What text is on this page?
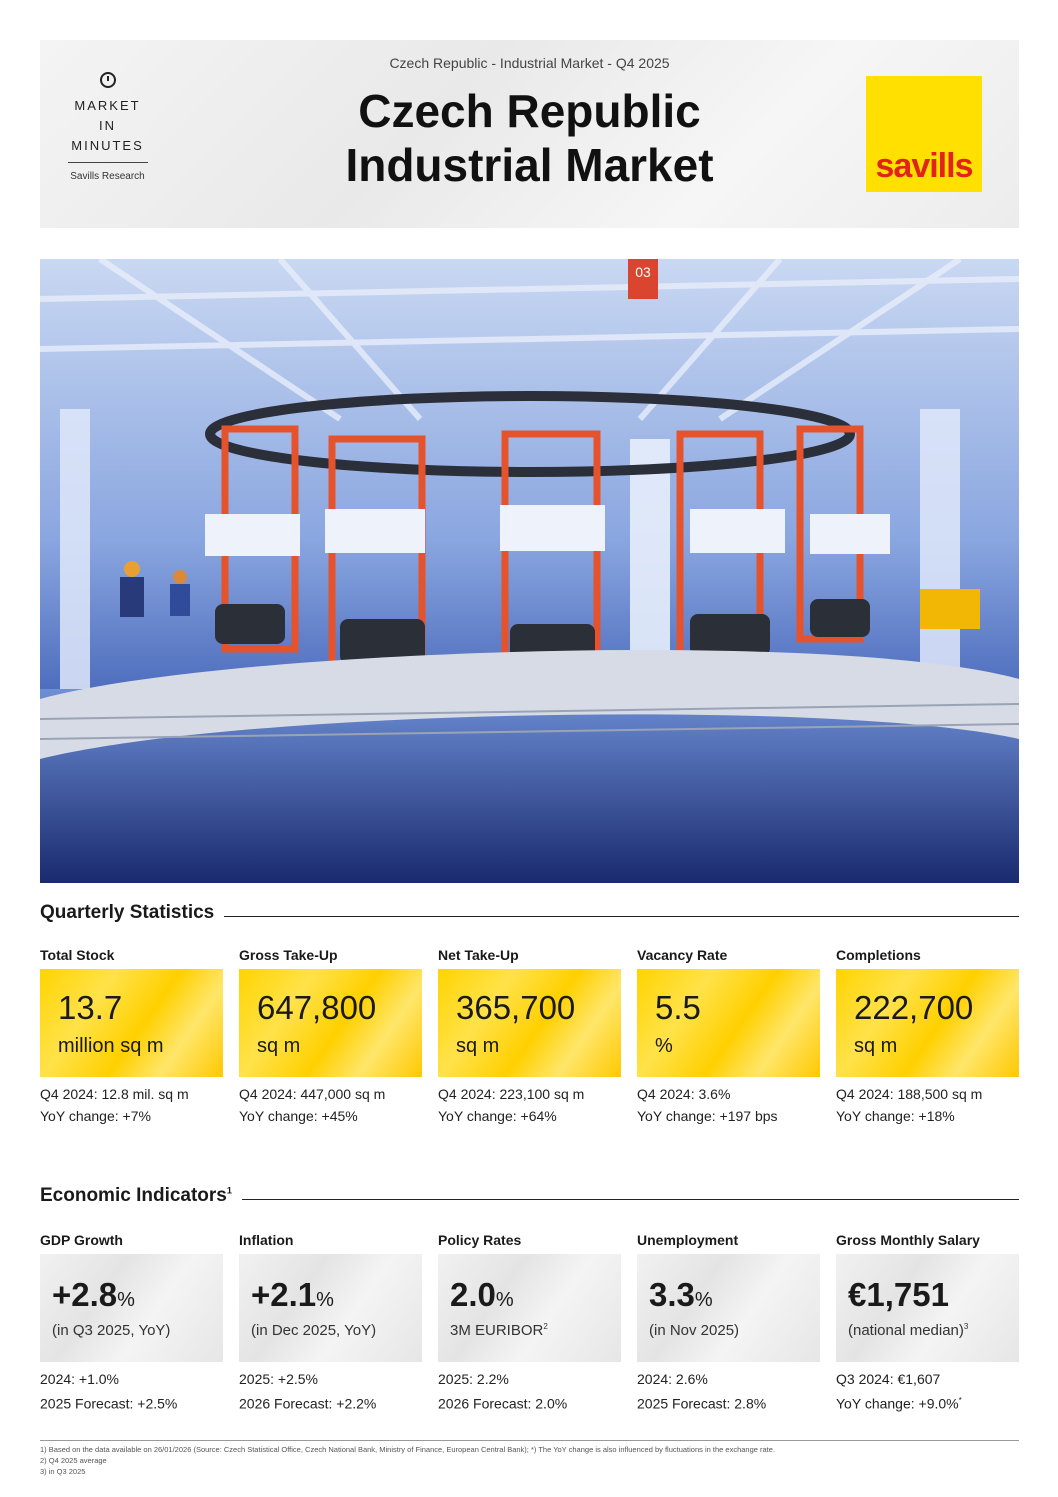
MARKET
IN
MINUTES
Savills Research
Czech Republic - Industrial Market - Q4 2025
Czech Republic
Industrial Market	savills
03
Quarterly Statistics
Total Stock
13.7
million sq m
Q4 2024: 12.8 mil. sq m
YoY change: +7%
Gross Take-Up
647,800
sq m
Q4 2024: 447,000 sq m
YoY change: +45%
Net Take-Up
365,700
sq m
Q4 2024: 223,100 sq m
YoY change: +64%
Vacancy Rate
5.5
%
Q4 2024: 3.6%
YoY change: +197 bps
Completions
222,700
sq m
Q4 2024: 188,500 sq m
YoY change: +18%
Economic Indicators$^1$
GDP Growth
+2.8%
(in Q3 2025, YoY)
2024: +1.0%
2025 Forecast: +2.5%
Inflation
+2.1%
(in Dec 2025, YoY)
2025: +2.5%
2026 Forecast: +2.2%
Policy Rates
2.0%
3M EURIBOR$^2$
2025: 2.2%
2026 Forecast: 2.0%
Unemployment
3.3%
(in Nov 2025)
2024: 2.6%
2025 Forecast: 2.8%
Gross Monthly Salary
€1,751
(national median)$^3$
Q3 2024: €1,607
YoY change: +9.0%*
1) Based on the data available on 26/01/2026 (Source: Czech Statistical Office, Czech National Bank, Ministry of Finance, European Central Bank); *) The YoY change is also influenced by fluctuations in the exchange rate.
2) Q4 2025 average
3) in Q3 2025
